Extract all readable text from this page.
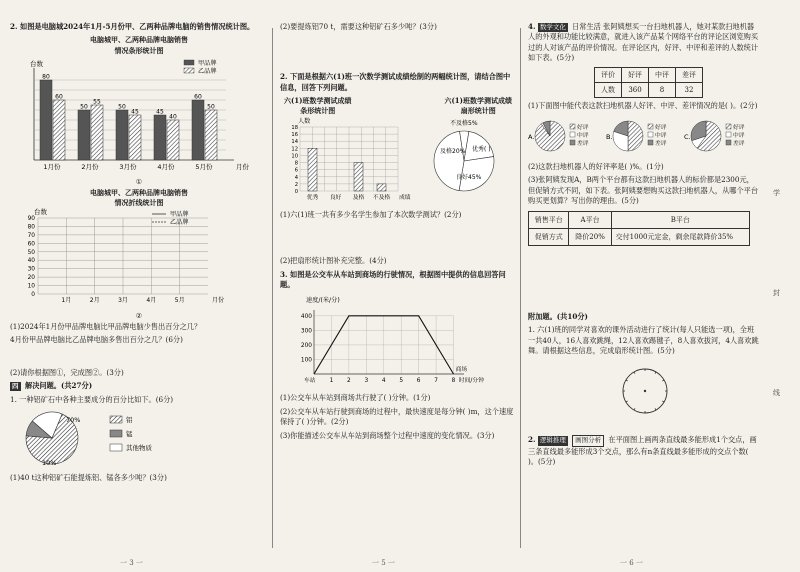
2. 如图是电脑城2024年1月-5月份甲、乙两种品牌电脑的销售情况统计图。
电脑城甲、乙两种品牌电脑销售
情况条形统计图
台数
80
60
1月份
50
55
2月份
50
45
3月份
45
40
4月份
60
50
5月份	月份
甲品牌
乙品牌
①
电脑城甲、乙两种品牌电脑销售
情况折线统计图
台数
0
10
20
30
40
50
60
70
80
90
1月	2月	3月	4月	5月	月份
甲品牌
乙品牌
②
(1)2024年1月份甲品牌电脑比甲品牌电脑少售出百分之几？
4月份甲品牌电脑比乙品牌电脑多售出百分之几？(6分)
(2)请你根据图①，完成图②。(3分)
四 解决问题。(共27分)
1. 一种铝矿石中各种主要成分的百分比如下。(6分)
70%
10%
铝
锰
其他物质
(1)40 t这种铝矿石能提炼铝、锰各多少吨？(3分)
一 3 一
(2)要提炼铝70 t，需要这种铝矿石多少吨？(3分)
2. 下面是根据六(1)班一次数学测试成绩绘制的两幅统计图，请结合图中信息，回答下列问题。
六(1)班数学测试成绩
条形统计图
六(1)班数学测试成绩
扇形统计图
人数
0
2
4
6
8
10
12
14
16
18
优秀 良好 及格 不及格 成绩
不及格5%
及格20% 优秀( )
良好45%
(1)六(1)班一共有多少名学生参加了本次数学测试？(2分)
(2)把扇形统计图补充完整。(4分)
3. 如图是公交车从车站到商场的行驶情况，根据图中提供的信息回答问题。
速度/(米/分)
100
200
300
400
1 2 3 4 5 6 7 8
车站
商场
时间/分钟
(1)公交车从车站到商场共行驶了( )分钟。(1分)
(2)公交车从车站行驶到商场的过程中，最快速度是每分钟( )m，这个速度保持了( )分钟。(2分)
(3)你能描述公交车从车站到商场整个过程中速度的变化情况。(3分)
一 5 一
4. 数学文化 日常生活 张阿姨想买一台扫地机器人，她对某款扫地机器人的外观和功能比较满意，就进入该产品某个网络平台的评论区浏览购买过的人对该产品的评价情况。在评论区内，好评、中评和差评的人数统计如下表。(5分)
评价	好评	中评	差评
人数	360	8	32
(1)下面图中能代表这款扫地机器人好评、中评、差评情况的是( )。(2分)
A.
好评
中评
差评
B.
好评
中评
差评
C.
好评
中评
差评
(2)这款扫地机器人的好评率是( )%。(1分)
(3)张阿姨发现A，B两个平台都有这款扫地机器人的标价都是2300元，但促销方式不同，如下表。张阿姨要想购买这款扫地机器人，从哪个平台购买更划算？写出你的理由。(5分)
销售平台	A平台	B平台
促销方式	降价20%	交付1000元定金，剩余尾款降价35%
附加题。(共10分)
1. 六(1)班的同学对喜欢的课外活动进行了统计(每人只能选一项)，全班一共40人，16人喜欢跳绳，12人喜欢踢毽子，8人喜欢拔河，4人喜欢跳舞。请根据这些信息，完成扇形统计图。(5分)
2. 逻辑推理 画图分析 在平面图上画两条直线最多能形成1个交点，画三条直线最多能形成3个交点，那么有n条直线最多能形成的交点个数( )。(5分)
一 6 一
学
封
线
